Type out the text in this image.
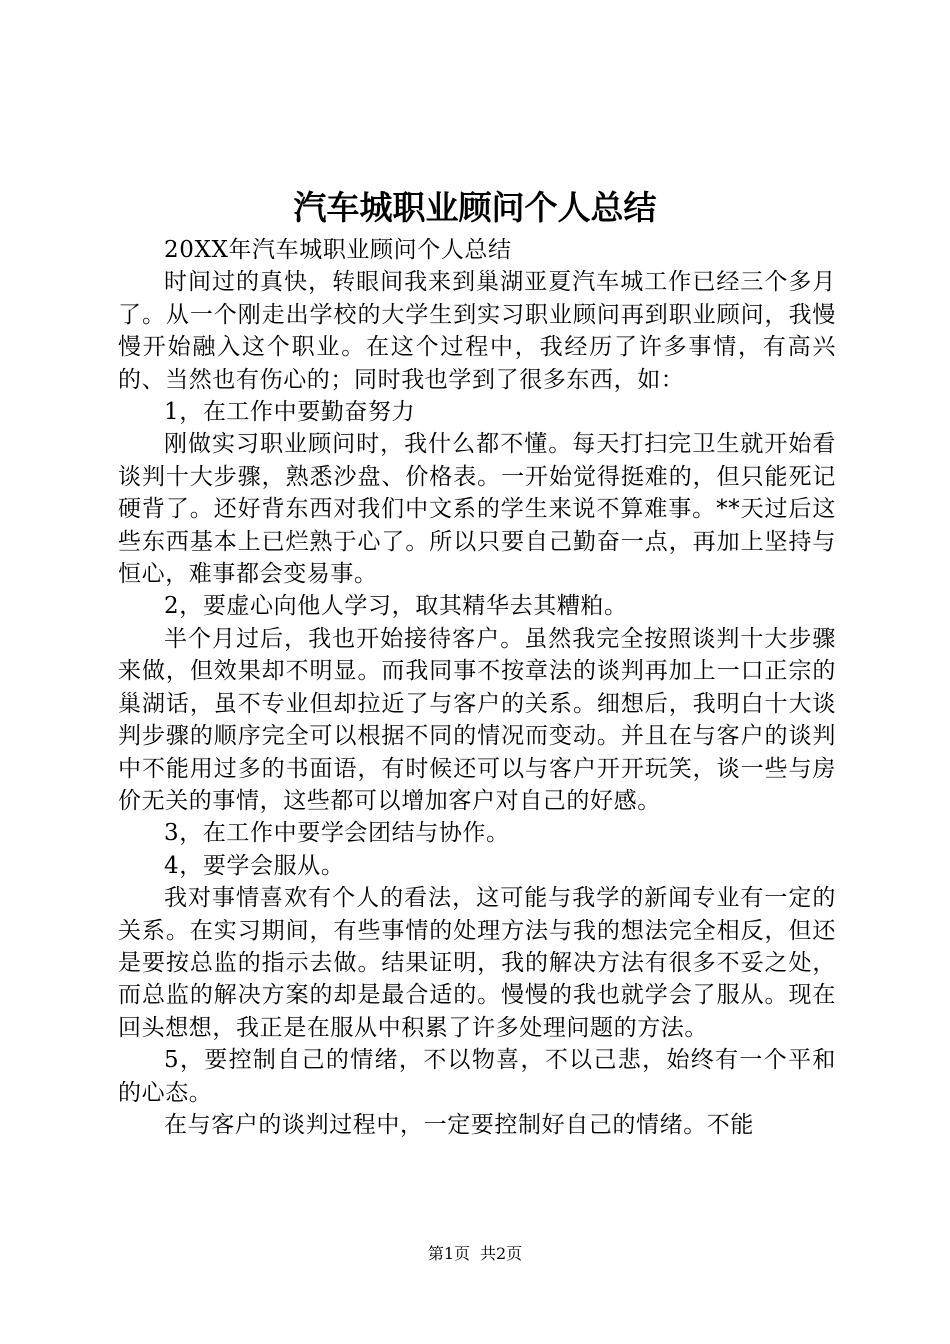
汽车城职业顾问个人总结

20XX年汽车城职业顾问个人总结

时间过的真快，转眼间我来到巢湖亚夏汽车城工作已经三个多月了。从一个刚走出学校的大学生到实习职业顾问再到职业顾问，我慢慢开始融入这个职业。在这个过程中，我经历了许多事情，有高兴的、当然也有伤心的；同时我也学到了很多东西，如：

1，在工作中要勤奋努力

刚做实习职业顾问时，我什么都不懂。每天打扫完卫生就开始看谈判十大步骤，熟悉沙盘、价格表。一开始觉得挺难的，但只能死记硬背了。还好背东西对我们中文系的学生来说不算难事。**天过后这些东西基本上已烂熟于心了。所以只要自己勤奋一点，再加上坚持与恒心，难事都会变易事。

2，要虚心向他人学习，取其精华去其糟粕。

半个月过后，我也开始接待客户。虽然我完全按照谈判十大步骤来做，但效果却不明显。而我同事不按章法的谈判再加上一口正宗的巢湖话，虽不专业但却拉近了与客户的关系。细想后，我明白十大谈判步骤的顺序完全可以根据不同的情况而变动。并且在与客户的谈判中不能用过多的书面语，有时候还可以与客户开开玩笑，谈一些与房价无关的事情，这些都可以增加客户对自己的好感。

3，在工作中要学会团结与协作。

4，要学会服从。

我对事情喜欢有个人的看法，这可能与我学的新闻专业有一定的关系。在实习期间，有些事情的处理方法与我的想法完全相反，但还是要按总监的指示去做。结果证明，我的解决方法有很多不妥之处，而总监的解决方案的却是最合适的。慢慢的我也就学会了服从。现在回头想想，我正是在服从中积累了许多处理问题的方法。

5，要控制自己的情绪，不以物喜，不以己悲，始终有一个平和的心态。

在与客户的谈判过程中，一定要控制好自己的情绪。不能

第1页 共2页
